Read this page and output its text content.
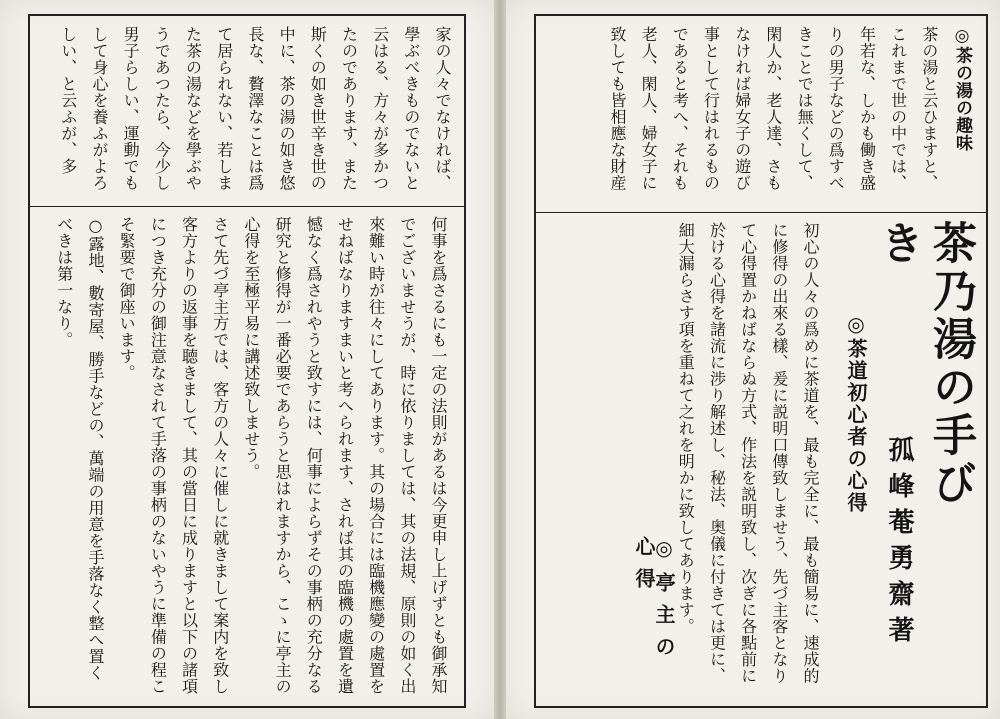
家の人々でなければ、學ぶべきものでないと云はる、方々が多かつたのであります、また斯くの如き世辛き世の中に、茶の湯の如き悠長な、贅澤なことは爲て居られない、若しまた茶の湯などを學ぶやうであつたら、今少し男子らしい、運動でもして身心を養ふがよろしい、と云ふが、多
何事を爲さるにも一定の法則があるは今更申し上げずとも御承知でございませうが、時に依りましては、其の法規、原則の如く出來難い時が往々にしてあります。其の場合には臨機應變の處置をせねばなりますまいと考へられます、されば其の臨機の處置を遺憾なく爲されやうと致すには、何事によらずその事柄の充分なる研究と修得が一番必要であらうと思はれますから、こゝに亭主の心得を至極平易に講述致しませう。
さて先づ亭主方では、客方の人々に催しに就きまして案内を致し客方よりの返事を聴きまして、其の當日に成りますと以下の諸項につき充分の御注意なされて手落の事柄のないやうに準備の程こそ緊要で御座います。
○露地、數寄屋、勝手などの、萬端の用意を手落なく整へ置くべきは第一なり。
◎茶の湯の趣味
茶の湯と云ひますと、これまで世の中では、年若な、しかも働き盛りの男子などの爲すべきことでは無くして、閑人か、老人達、さもなければ婦女子の遊び事として行はれるものであると考へ、それも老人、閑人、婦女子に致しても皆相應な財産
茶乃湯の手びき
孤峰菴勇齋著
◎茶道初心者の心得
初心の人々の爲めに茶道を、最も完全に、最も簡易に、速成的に修得の出來る樣、爰に説明口傳致しませう、先づ主客となりて心得置かねばならぬ方式、作法を説明致し、次ぎに各點前に於ける心得を諸流に渉り解述し、秘法、奥儀に付きては更に、細大漏らさす項を重ねて之れを明かに致してあります。
◎亭主の心得
